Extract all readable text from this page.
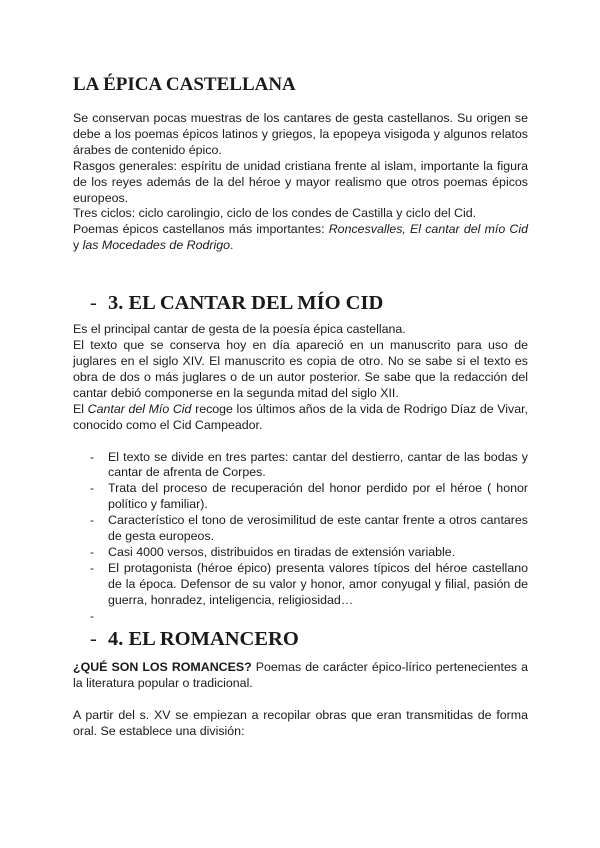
LA ÉPICA CASTELLANA

Se conservan pocas muestras de los cantares de gesta castellanos. Su origen se debe a los poemas épicos latinos y griegos, la epopeya visigoda y algunos relatos árabes de contenido épico.

Rasgos generales: espíritu de unidad cristiana frente al islam, importante la figura de los reyes además de la del héroe y mayor realismo que otros poemas épicos europeos.

Tres ciclos: ciclo carolingio, ciclo de los condes de Castilla y ciclo del Cid.

Poemas épicos castellanos más importantes: Roncesvalles, El cantar del mío Cid y las Mocedades de Rodrigo.

- 3. EL CANTAR DEL MÍO CID

Es el principal cantar de gesta de la poesía épica castellana.

El texto que se conserva hoy en día apareció en un manuscrito para uso de juglares en el siglo XIV. El manuscrito es copia de otro. No se sabe si el texto es obra de dos o más juglares o de un autor posterior. Se sabe que la redacción del cantar debió componerse en la segunda mitad del siglo XII.

El Cantar del Mío Cid recoge los últimos años de la vida de Rodrigo Díaz de Vivar, conocido como el Cid Campeador.

- El texto se divide en tres partes: cantar del destierro, cantar de las bodas y cantar de afrenta de Corpes.
- Trata del proceso de recuperación del honor perdido por el héroe ( honor político y familiar).
- Característico el tono de verosimilitud de este cantar frente a otros cantares de gesta europeos.
- Casi 4000 versos, distribuidos en tiradas de extensión variable.
- El protagonista (héroe épico) presenta valores típicos del héroe castellano de la época. Defensor de su valor y honor, amor conyugal y filial, pasión de guerra, honradez, inteligencia, religiosidad…
-
- 4. EL ROMANCERO

¿QUÉ SON LOS ROMANCES? Poemas de carácter épico-lírico pertenecientes a la literatura popular o tradicional.

A partir del s. XV se empiezan a recopilar obras que eran transmitidas de forma oral. Se establece una división:
